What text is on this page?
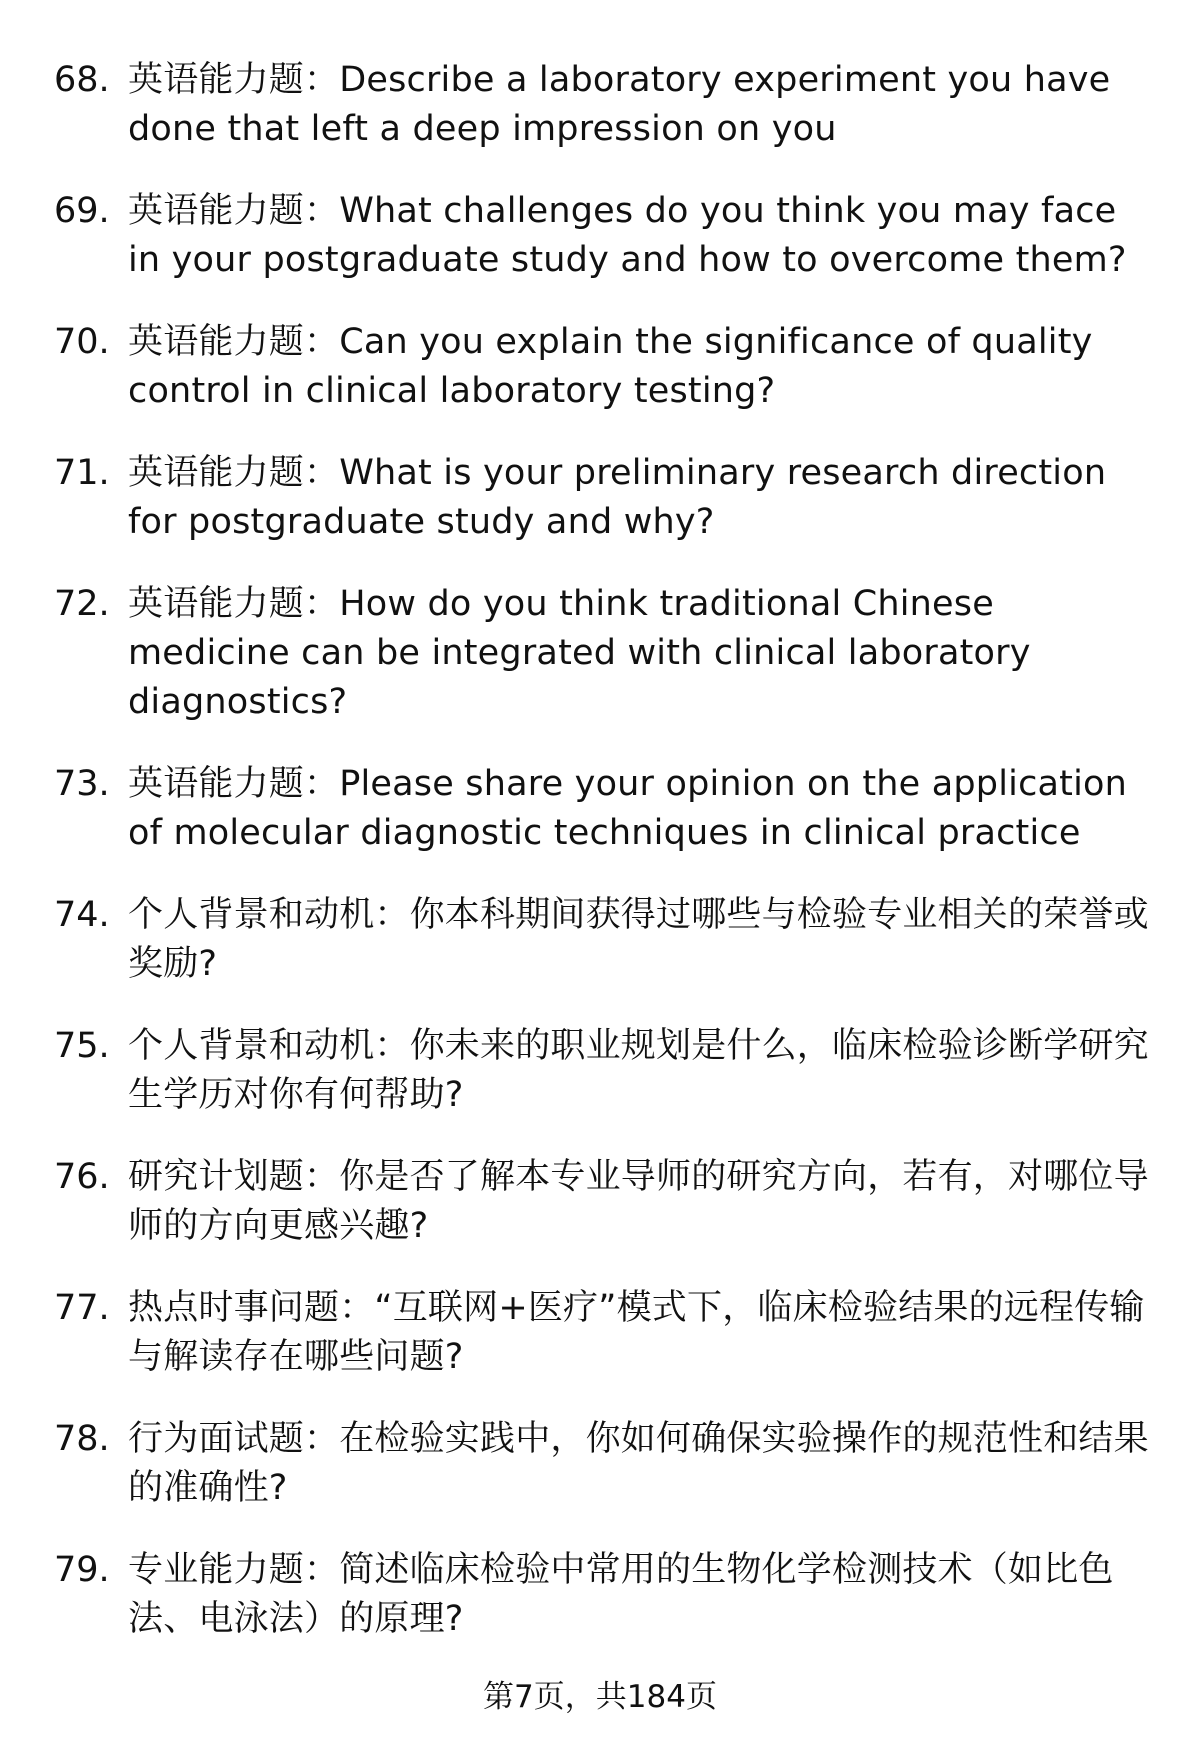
68. 英语能力题：Describe a laboratory experiment you have done that left a deep impression on you
69. 英语能力题：What challenges do you think you may face in your postgraduate study and how to overcome them?
70. 英语能力题：Can you explain the significance of quality control in clinical laboratory testing?
71. 英语能力题：What is your preliminary research direction for postgraduate study and why?
72. 英语能力题：How do you think traditional Chinese medicine can be integrated with clinical laboratory diagnostics?
73. 英语能力题：Please share your opinion on the application of molecular diagnostic techniques in clinical practice
74. 个人背景和动机：你本科期间获得过哪些与检验专业相关的荣誉或奖励?
75. 个人背景和动机：你未来的职业规划是什么，临床检验诊断学研究生学历对你有何帮助?
76. 研究计划题：你是否了解本专业导师的研究方向，若有，对哪位导师的方向更感兴趣?
77. 热点时事问题：“互联网+医疗”模式下，临床检验结果的远程传输与解读存在哪些问题?
78. 行为面试题：在检验实践中，你如何确保实验操作的规范性和结果的准确性?
79. 专业能力题：简述临床检验中常用的生物化学检测技术（如比色法、电泳法）的原理?
第7页，共184页
